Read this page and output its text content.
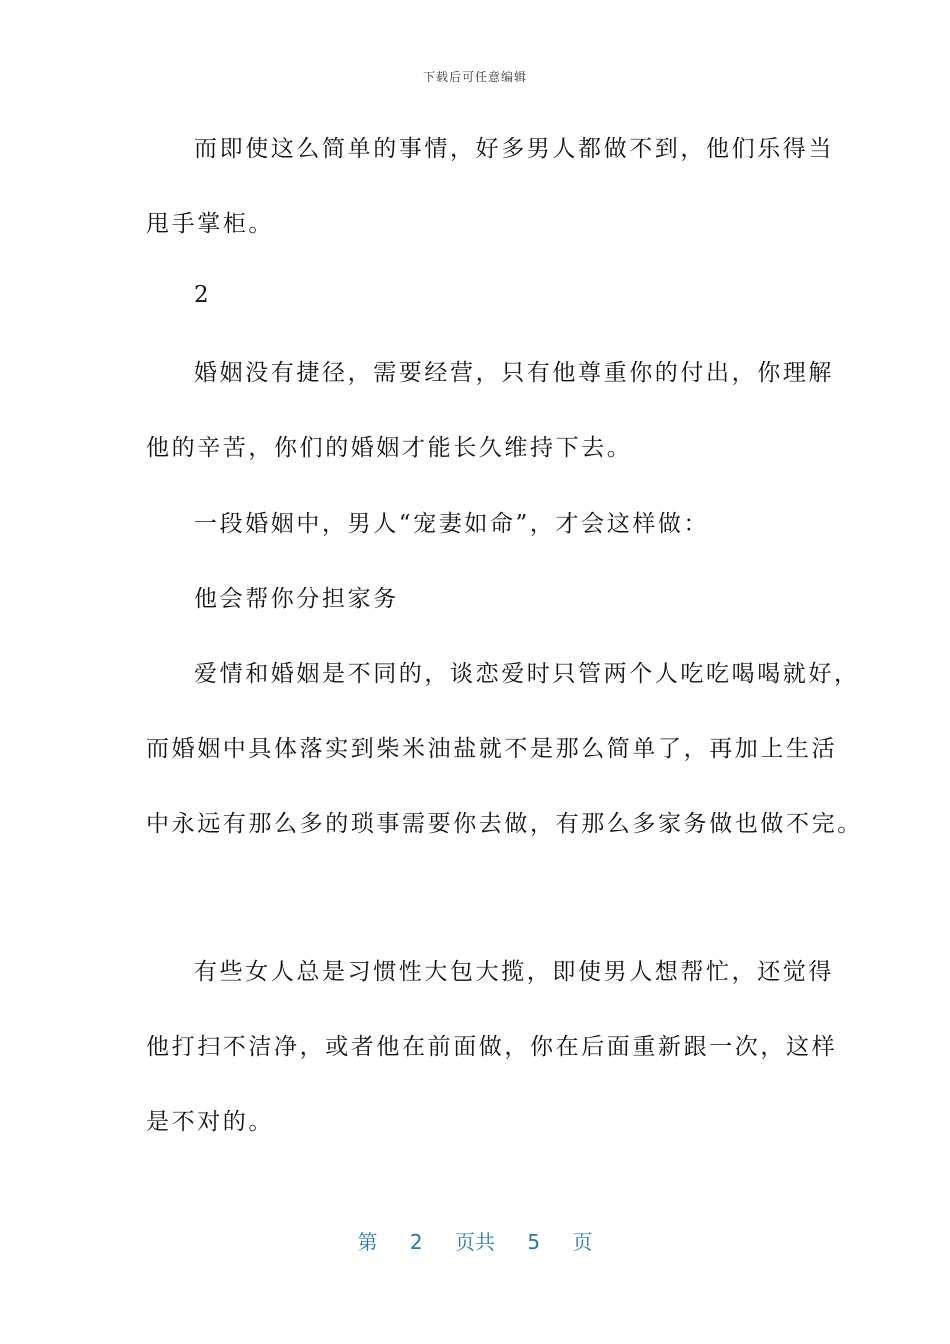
下载后可任意编辑
而即使这么简单的事情，好多男人都做不到，他们乐得当
甩手掌柜。
2
婚姻没有捷径，需要经营，只有他尊重你的付出，你理解
他的辛苦，你们的婚姻才能长久维持下去。
一段婚姻中，男人“宠妻如命”，才会这样做：
他会帮你分担家务
爱情和婚姻是不同的，谈恋爱时只管两个人吃吃喝喝就好，
而婚姻中具体落实到柴米油盐就不是那么简单了，再加上生活
中永远有那么多的琐事需要你去做，有那么多家务做也做不完。
有些女人总是习惯性大包大揽，即使男人想帮忙，还觉得
他打扫不洁净，或者他在前面做，你在后面重新跟一次，这样
是不对的。
第 2 页共 5 页
